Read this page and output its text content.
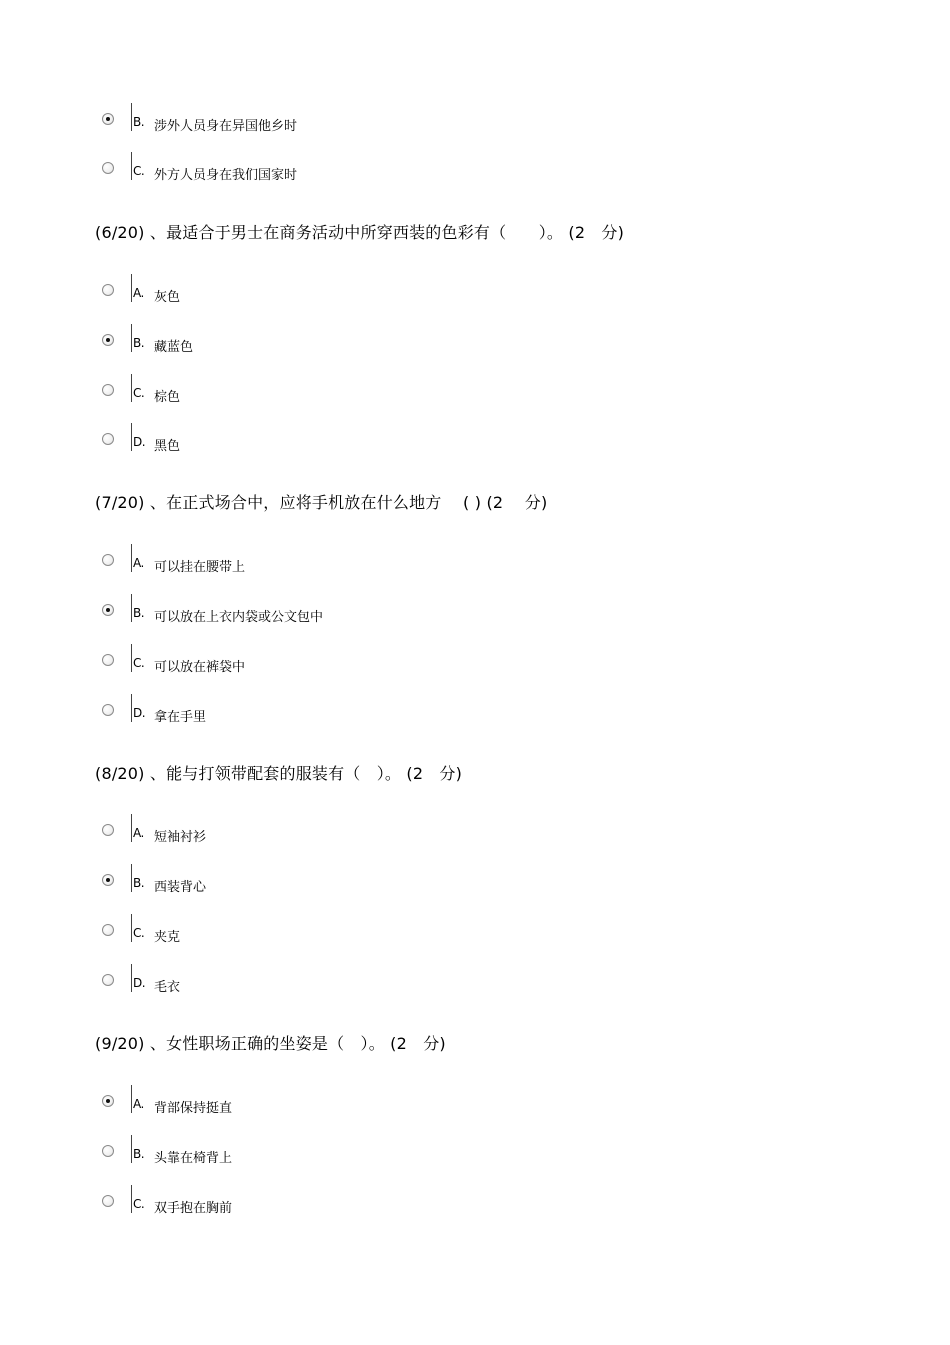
B. 涉外人员身在异国他乡时
C. 外方人员身在我们国家时
(6/20) 、最适合于男士在商务活动中所穿西装的色彩有（　　）。 (2　分)
A. 灰色
B. 藏蓝色
C. 棕色
D. 黑色
(7/20) 、在正式场合中，应将手机放在什么地方　 ( ) (2　 分)
A. 可以挂在腰带上
B. 可以放在上衣内袋或公文包中
C. 可以放在裤袋中
D. 拿在手里
(8/20) 、能与打领带配套的服装有（　）。 (2　分)
A. 短袖衬衫
B. 西装背心
C. 夹克
D. 毛衣
(9/20) 、女性职场正确的坐姿是（　）。 (2　分)
A. 背部保持挺直
B. 头靠在椅背上
C. 双手抱在胸前
